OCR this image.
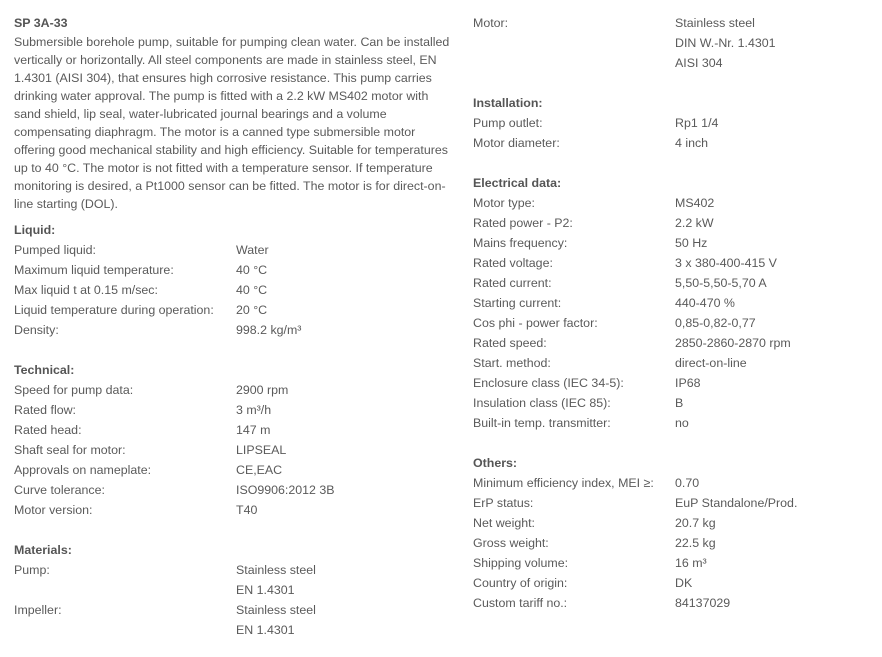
SP 3A-33

Submersible borehole pump, suitable for pumping clean water. Can be installed vertically or horizontally. All steel components are made in stainless steel, EN 1.4301 (AISI 304), that ensures high corrosive resistance. This pump carries drinking water approval. The pump is fitted with a 2.2 kW MS402 motor with sand shield, lip seal, water-lubricated journal bearings and a volume compensating diaphragm. The motor is a canned type submersible motor offering good mechanical stability and high efficiency. Suitable for temperatures up to 40 °C. The motor is not fitted with a temperature sensor. If temperature monitoring is desired, a Pt1000 sensor can be fitted. The motor is for direct-on-line starting (DOL).

Liquid:
Pumped liquid:	Water
Maximum liquid temperature:	40 °C
Max liquid t at 0.15 m/sec:	40 °C
Liquid temperature during operation:	20 °C
Density:	998.2 kg/m³
Technical:
Speed for pump data:	2900 rpm
Rated flow:	3 m³/h
Rated head:	147 m
Shaft seal for motor:	LIPSEAL
Approvals on nameplate:	CE,EAC
Curve tolerance:	ISO9906:2012 3B
Motor version:	T40
Materials:
Pump:	Stainless steel
EN 1.4301
Impeller:	Stainless steel
EN 1.4301
Motor:	Stainless steel
DIN W.-Nr. 1.4301
AISI 304
Installation:
Pump outlet:	Rp1 1/4
Motor diameter:	4 inch
Electrical data:
Motor type:	MS402
Rated power - P2:	2.2 kW
Mains frequency:	50 Hz
Rated voltage:	3 x 380-400-415 V
Rated current:	5,50-5,50-5,70 A
Starting current:	440-470 %
Cos phi - power factor:	0,85-0,82-0,77
Rated speed:	2850-2860-2870 rpm
Start. method:	direct-on-line
Enclosure class (IEC 34-5):	IP68
Insulation class (IEC 85):	B
Built-in temp. transmitter:	no
Others:
Minimum efficiency index, MEI ≥:	0.70
ErP status:	EuP Standalone/Prod.
Net weight:	20.7 kg
Gross weight:	22.5 kg
Shipping volume:	16 m³
Country of origin:	DK
Custom tariff no.:	84137029
